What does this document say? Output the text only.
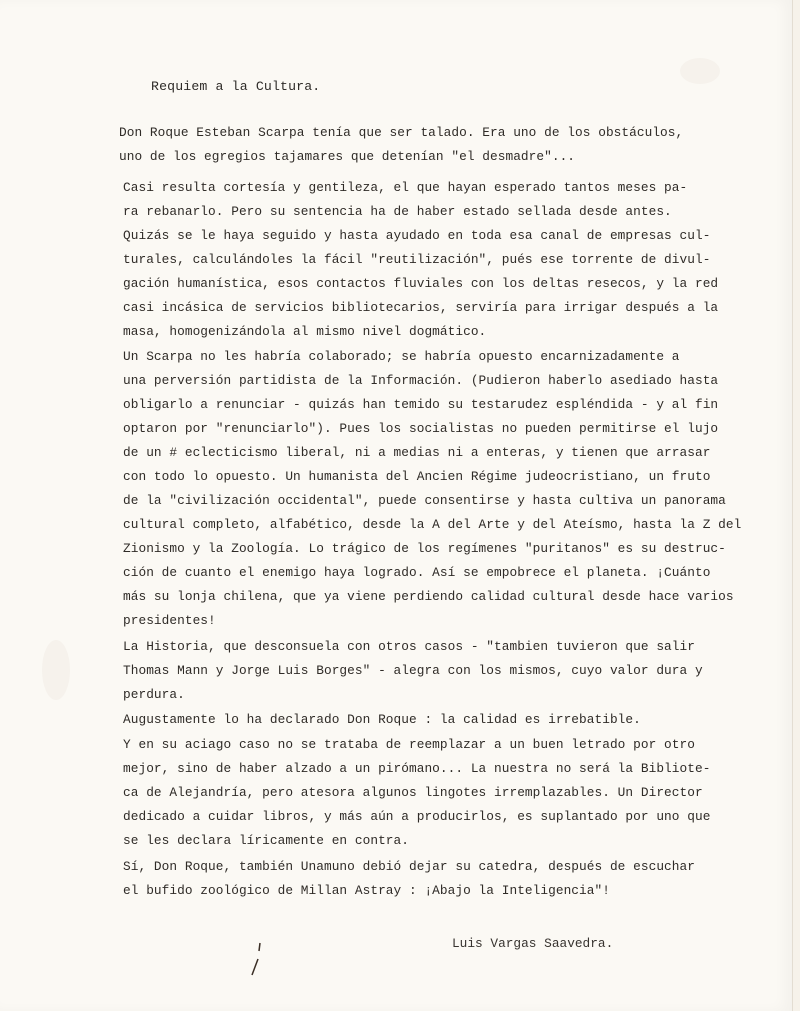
Requiem a la Cultura.
Don Roque Esteban Scarpa tenía que ser talado. Era uno de los obstáculos,
uno de los egregios tajamares que detenían "el desmadre"...
Casi resulta cortesía y gentileza, el que hayan esperado tantos meses pa-
ra rebanarlo. Pero su sentencia ha de haber estado sellada desde antes.
Quizás se le haya seguido y hasta ayudado en toda esa canal de empresas cul-
turales, calculándoles la fácil "reutilización", pués ese torrente de divul-
gación humanística, esos contactos fluviales con los deltas resecos, y la red
casi incásica de servicios bibliotecarios, serviría para irrigar después a la
masa, homogenizándola al mismo nivel dogmático.
Un Scarpa no les habría colaborado; se habría opuesto encarnizadamente a
una perversión partidista de la Información. (Pudieron haberlo asediado hasta
obligarlo a renunciar - quizás han temido su testarudez espléndida - y al fin
optaron por "renunciarlo"). Pues los socialistas no pueden permitirse el lujo
de un # eclecticismo liberal, ni a medias ni a enteras, y tienen que arrasar
con todo lo opuesto. Un humanista del Ancien Régime judeocristiano, un fruto
de la "civilización occidental", puede consentirse y hasta cultiva un panorama
cultural completo, alfabético, desde la A del Arte y del Ateísmo, hasta la Z del
Zionismo y la Zoología. Lo trágico de los regímenes "puritanos" es su destruc-
ción de cuanto el enemigo haya logrado. Así se empobrece el planeta. ¡Cuánto
más su lonja chilena, que ya viene perdiendo calidad cultural desde hace varios
presidentes!
La Historia, que desconsuela con otros casos - "tambien tuvieron que salir
Thomas Mann y Jorge Luis Borges" - alegra con los mismos, cuyo valor dura y
perdura.
Augustamente lo ha declarado Don Roque : la calidad es irrebatible.
Y en su aciago caso no se trataba de reemplazar a un buen letrado por otro
mejor, sino de haber alzado a un pirómano... La nuestra no será la Bibliote-
ca de Alejandría, pero atesora algunos lingotes irremplazables. Un Director
dedicado a cuidar libros, y más aún a producirlos, es suplantado por uno que
se les declara líricamente en contra.
Sí, Don Roque, también Unamuno debió dejar su catedra, después de escuchar
el bufido zoológico de Millan Astray : ¡Abajo la Inteligencia"!
Luis Vargas Saavedra.
